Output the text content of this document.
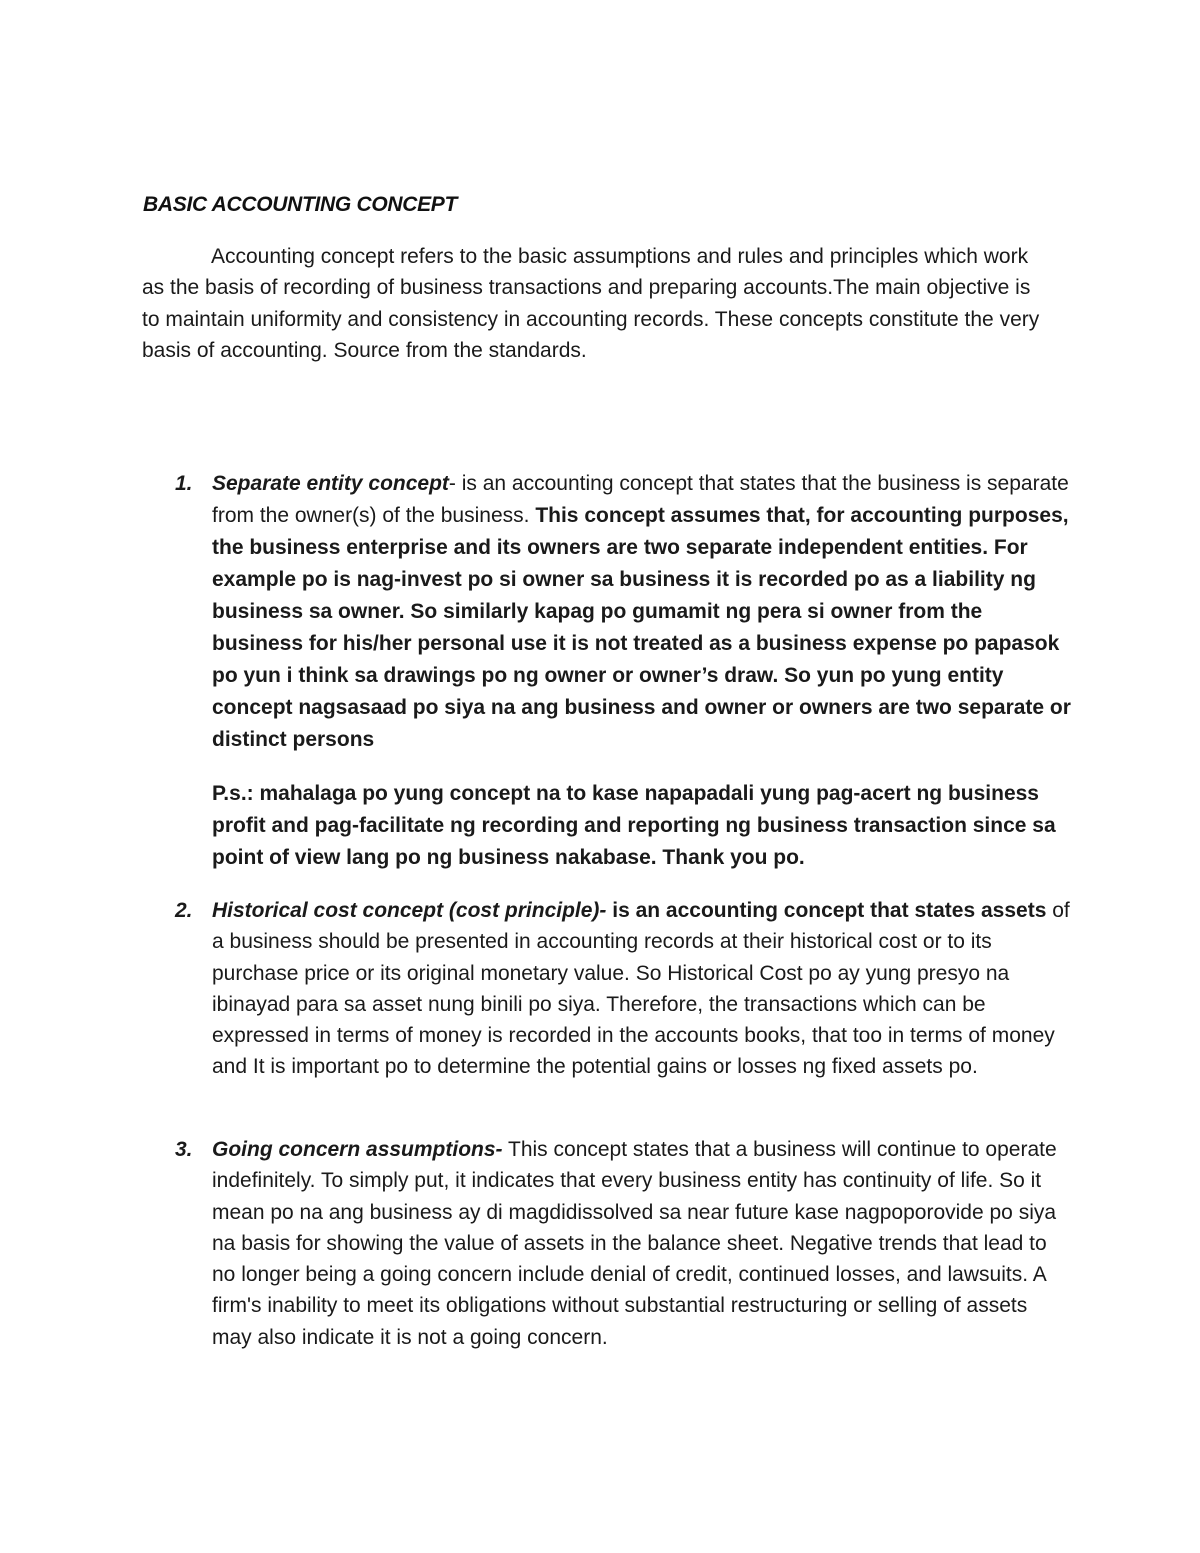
BASIC ACCOUNTING CONCEPT

Accounting concept refers to the basic assumptions and rules and principles which work as the basis of recording of business transactions and preparing accounts.The main objective is to maintain uniformity and consistency in accounting records. These concepts constitute the very basis of accounting. Source from the standards.

1. Separate entity concept- is an accounting concept that states that the business is separate from the owner(s) of the business. This concept assumes that, for accounting purposes, the business enterprise and its owners are two separate independent entities. For example po is nag-invest po si owner sa business it is recorded po as a liability ng business sa owner. So similarly kapag po gumamit ng pera si owner from the business for his/her personal use it is not treated as a business expense po papasok po yun i think sa drawings po ng owner or owner’s draw. So yun po yung entity concept nagsasaad po siya na ang business and owner or owners are two separate or distinct persons

P.s.: mahalaga po yung concept na to kase napapadali yung pag-acert ng business profit and pag-facilitate ng recording and reporting ng business transaction since sa point of view lang po ng business nakabase. Thank you po.

2. Historical cost concept (cost principle)- is an accounting concept that states assets of a business should be presented in accounting records at their historical cost or to its purchase price or its original monetary value. So Historical Cost po ay yung presyo na ibinayad para sa asset nung binili po siya. Therefore, the transactions which can be expressed in terms of money is recorded in the accounts books, that too in terms of money and It is important po to determine the potential gains or losses ng fixed assets po.
3. Going concern assumptions- This concept states that a business will continue to operate indefinitely. To simply put, it indicates that every business entity has continuity of life. So it mean po na ang business ay di magdidissolved sa near future kase nagpoporovide po siya na basis for showing the value of assets in the balance sheet. Negative trends that lead to no longer being a going concern include denial of credit, continued losses, and lawsuits. A firm's inability to meet its obligations without substantial restructuring or selling of assets may also indicate it is not a going concern.
